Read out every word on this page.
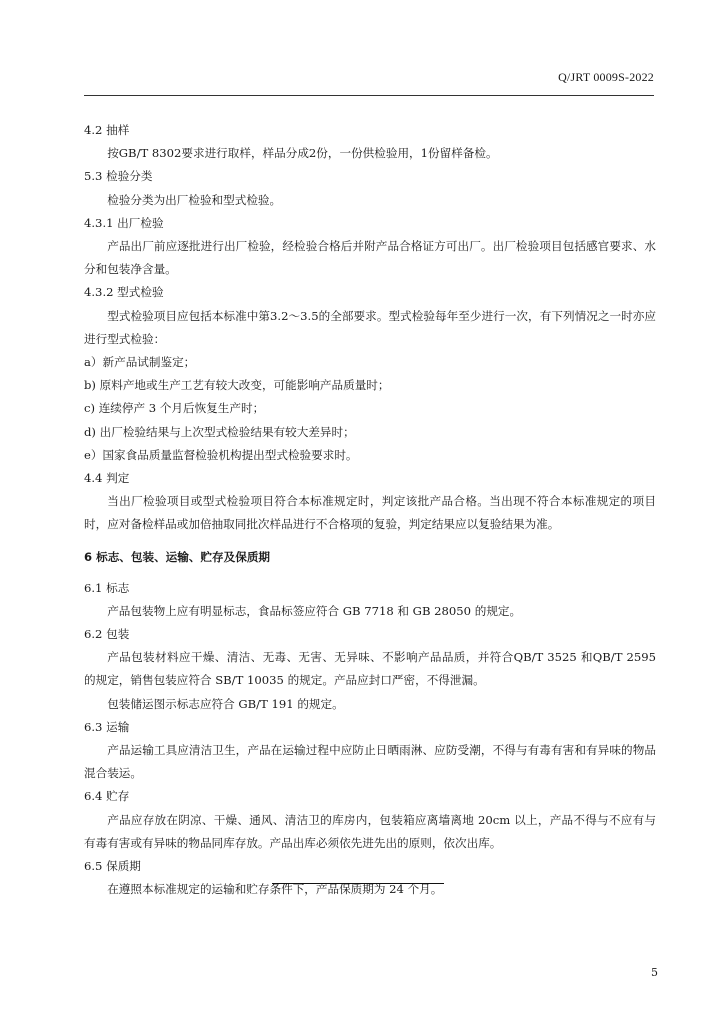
Q/JRT 0009S-2022
4.2 抽样
按GB/T 8302要求进行取样，样品分成2份，一份供检验用，1份留样备检。
5.3 检验分类
检验分类为出厂检验和型式检验。
4.3.1 出厂检验
产品出厂前应逐批进行出厂检验，经检验合格后并附产品合格证方可出厂。出厂检验项目包括感官要求、水分和包装净含量。
4.3.2 型式检验
型式检验项目应包括本标准中第3.2～3.5的全部要求。型式检验每年至少进行一次，有下列情况之一时亦应进行型式检验：
a）新产品试制鉴定；
b) 原料产地或生产工艺有较大改变，可能影响产品质量时；
c) 连续停产 3 个月后恢复生产时；
d) 出厂检验结果与上次型式检验结果有较大差异时；
e）国家食品质量监督检验机构提出型式检验要求时。
4.4 判定
当出厂检验项目或型式检验项目符合本标准规定时，判定该批产品合格。当出现不符合本标准规定的项目时，应对备检样品或加倍抽取同批次样品进行不合格项的复验，判定结果应以复验结果为准。
6 标志、包装、运输、贮存及保质期
6.1 标志
产品包装物上应有明显标志，食品标签应符合 GB 7718 和 GB 28050 的规定。
6.2 包装
产品包装材料应干燥、清洁、无毒、无害、无异味、不影响产品品质，并符合QB/T 3525 和QB/T 2595 的规定，销售包装应符合 SB/T 10035 的规定。产品应封口严密，不得泄漏。
包装储运图示标志应符合 GB/T 191 的规定。
6.3 运输
产品运输工具应清洁卫生，产品在运输过程中应防止日晒雨淋、应防受潮，不得与有毒有害和有异味的物品混合装运。
6.4 贮存
产品应存放在阴凉、干燥、通风、清洁卫的库房内，包装箱应离墙离地 20cm 以上，产品不得与不应有与有毒有害或有异味的物品同库存放。产品出库必须依先进先出的原则，依次出库。
6.5 保质期
在遵照本标准规定的运输和贮存条件下，产品保质期为 24 个月。
5
